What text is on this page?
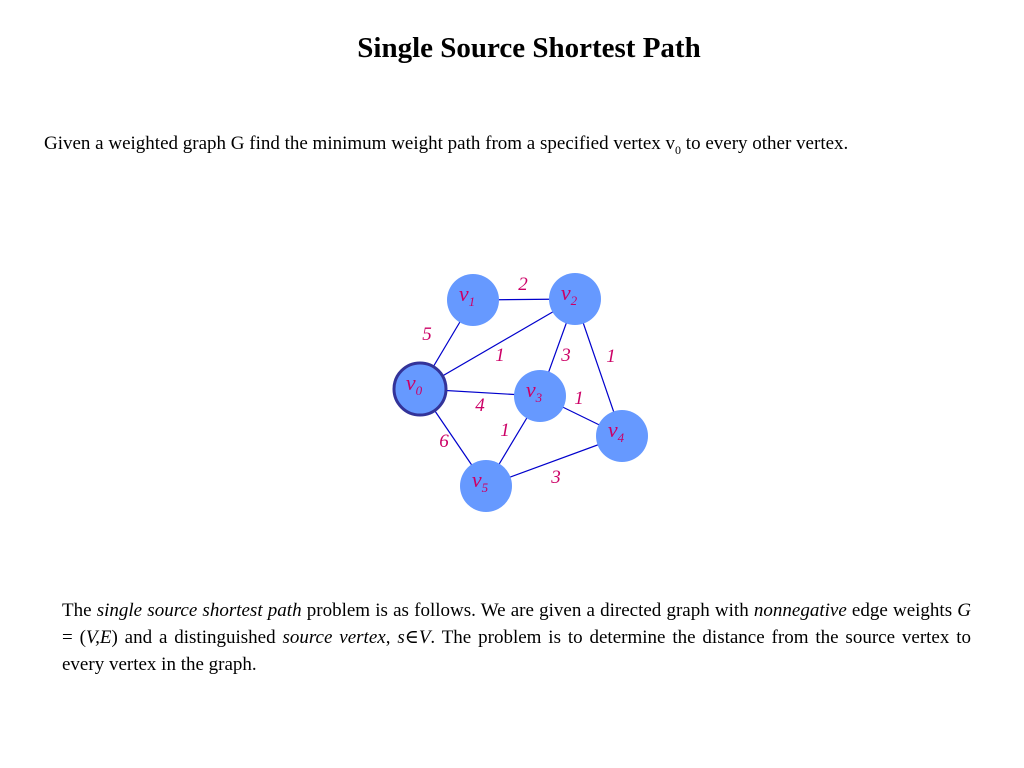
Single Source Shortest Path
Given a weighted graph G find the minimum weight path from a specified vertex $v_0$ to every other vertex.
2
5
1	3 1
4	1
6
1
3
$v_0$
$v_1$	$v_2$
$v_3$
$v_4$
$v_5$
The single source shortest path problem is as follows. We are given a directed graph with nonnegative edge weights G = (V,E) and a distinguished source vertex, s∈V. The problem is to determine the distance from the source vertex to every vertex in the graph.
